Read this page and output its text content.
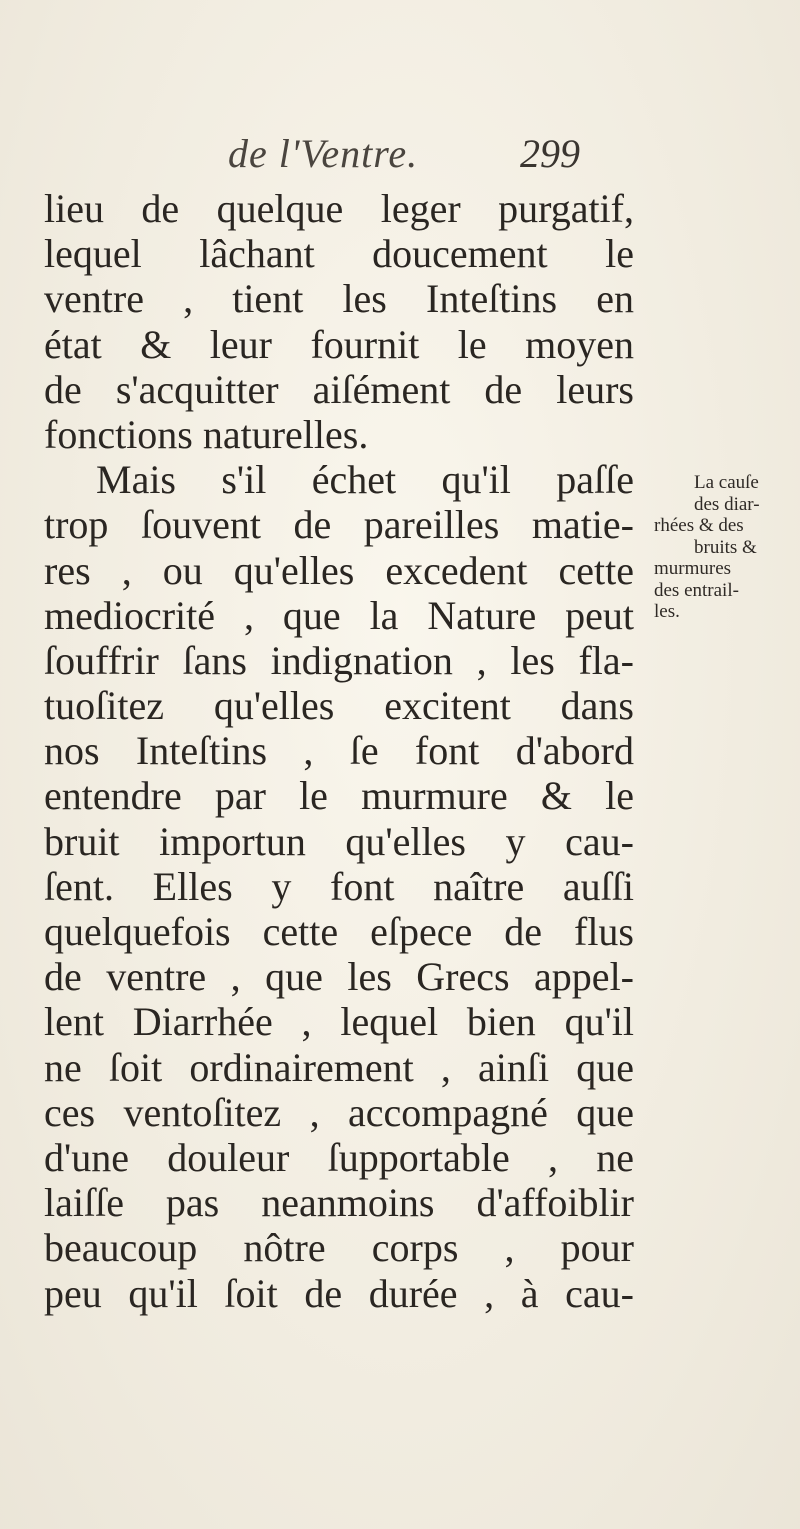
de l'Ventre.	299
lieu de quelque leger purgatif,
lequel lâchant doucement le
ventre , tient les Inteſtins en
état & leur fournit le moyen
de s'acquitter aiſément de leurs
fonctions naturelles.
Mais s'il échet qu'il paſſe
trop ſouvent de pareilles matie-
res , ou qu'elles excedent cette
mediocrité , que la Nature peut
ſouffrir ſans indignation , les fla-
tuoſitez qu'elles excitent dans
nos Inteſtins , ſe font d'abord
entendre par le murmure & le
bruit importun qu'elles y cau-
ſent. Elles y font naître auſſi
quelquefois cette eſpece de flus
de ventre , que les Grecs appel-
lent Diarrhée , lequel bien qu'il
ne ſoit ordinairement , ainſi que
ces ventoſitez , accompagné que
d'une douleur ſupportable , ne
laiſſe pas neanmoins d'affoiblir
beaucoup nôtre corps , pour
peu qu'il ſoit de durée , à cau-
La cauſe
des diar-
rhées & des
bruits &
murmures
des entrail-
les.
